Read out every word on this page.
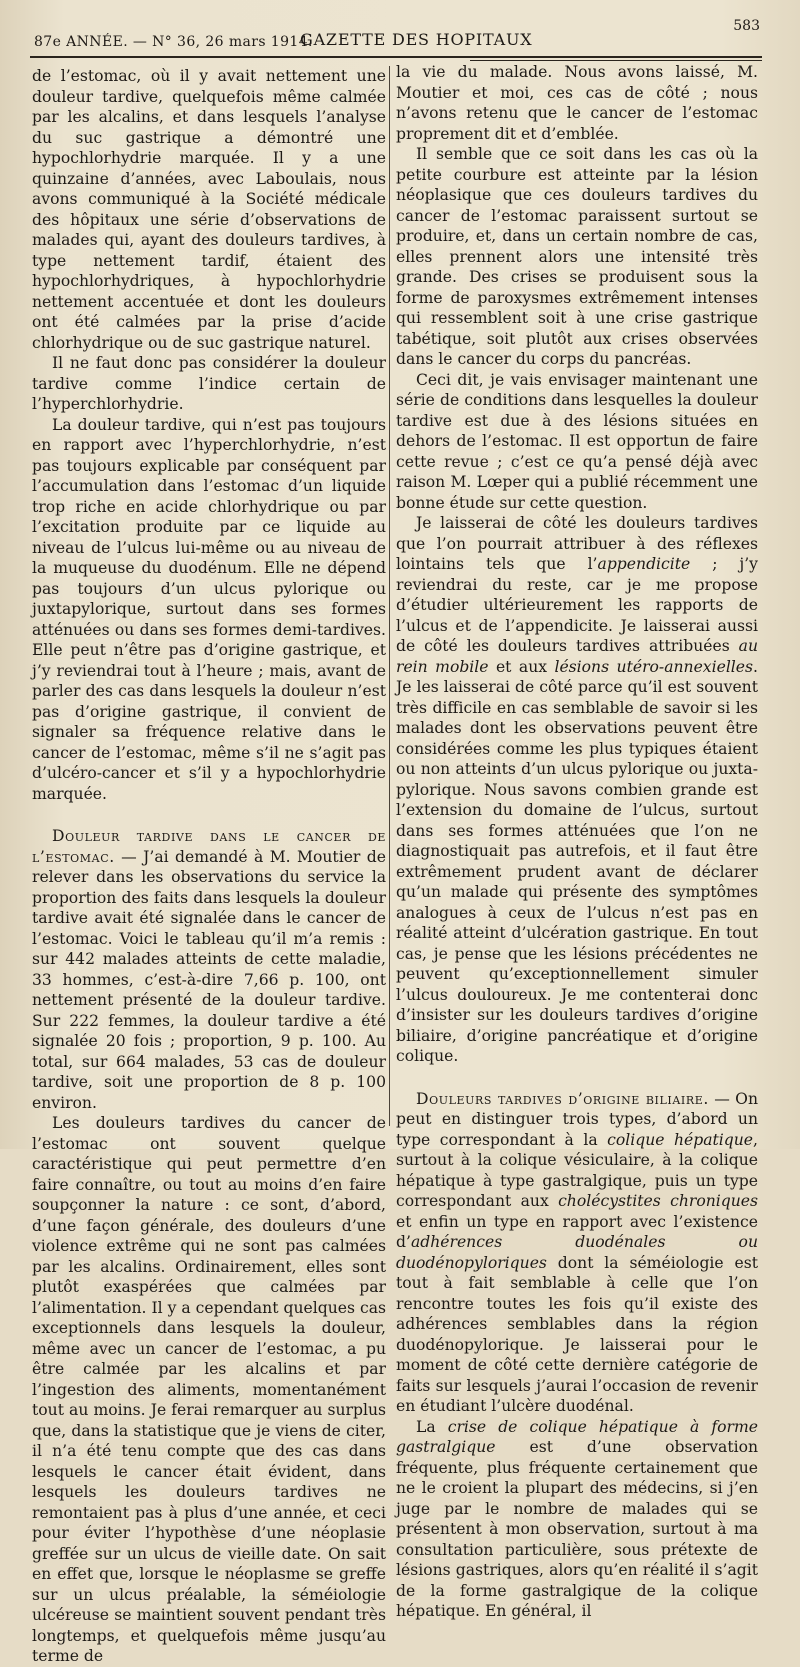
87e ANNÉE. — N° 36, 26 mars 1914.
GAZETTE DES HOPITAUX
583

de l’estomac, où il y avait nettement une douleur tardive, quelquefois même calmée par les alcalins, et dans lesquels l’analyse du suc gastrique a démontré une hypochlorhydrie marquée. Il y a une quinzaine d’années, avec Laboulais, nous avons communiqué à la Société médicale des hôpitaux une série d’observations de malades qui, ayant des douleurs tardives, à type nettement tardif, étaient des hypochlorhydriques, à hypochlorhydrie nettement accentuée et dont les douleurs ont été calmées par la prise d’acide chlorhydrique ou de suc gastrique naturel.

Il ne faut donc pas considérer la douleur tardive comme l’indice certain de l’hyperchlorhydrie.

La douleur tardive, qui n’est pas toujours en rapport avec l’hyperchlorhydrie, n’est pas toujours explicable par conséquent par l’accumulation dans l’estomac d’un liquide trop riche en acide chlorhydrique ou par l’excitation produite par ce liquide au niveau de l’ulcus lui-même ou au niveau de la muqueuse du duodénum. Elle ne dépend pas toujours d’un ulcus pylorique ou juxtapylorique, surtout dans ses formes atténuées ou dans ses formes demi-tardives. Elle peut n’être pas d’origine gastrique, et j’y reviendrai tout à l’heure ; mais, avant de parler des cas dans lesquels la douleur n’est pas d’origine gastrique, il convient de signaler sa fréquence relative dans le cancer de l’estomac, même s’il ne s’agit pas d’ulcéro-cancer et s’il y a hypochlorhydrie marquée.

Douleur tardive dans le cancer de l’estomac. — J’ai demandé à M. Moutier de relever dans les observations du service la proportion des faits dans lesquels la douleur tardive avait été signalée dans le cancer de l’estomac. Voici le tableau qu’il m’a remis : sur 442 malades atteints de cette maladie, 33 hommes, c’est-à-dire 7,66 p. 100, ont nettement présenté de la douleur tardive. Sur 222 femmes, la douleur tardive a été signalée 20 fois ; proportion, 9 p. 100. Au total, sur 664 malades, 53 cas de douleur tardive, soit une proportion de 8 p. 100 environ.

Les douleurs tardives du cancer de l’estomac ont souvent quelque caractéristique qui peut permettre d’en faire connaître, ou tout au moins d’en faire soupçonner la nature : ce sont, d’abord, d’une façon générale, des douleurs d’une violence extrême qui ne sont pas calmées par les alcalins. Ordinairement, elles sont plutôt exaspérées que calmées par l’alimentation. Il y a cependant quelques cas exceptionnels dans lesquels la douleur, même avec un cancer de l’estomac, a pu être calmée par les alcalins et par l’ingestion des aliments, momentanément tout au moins. Je ferai remarquer au surplus que, dans la statistique que je viens de citer, il n’a été tenu compte que des cas dans lesquels le cancer était évident, dans lesquels les douleurs tardives ne remontaient pas à plus d’une année, et ceci pour éviter l’hypothèse d’une néoplasie greffée sur un ulcus de vieille date. On sait en effet que, lorsque le néoplasme se greffe sur un ulcus préalable, la séméiologie ulcéreuse se maintient souvent pendant très longtemps, et quelquefois même jusqu’au terme de

la vie du malade. Nous avons laissé, M. Moutier et moi, ces cas de côté ; nous n’avons retenu que le cancer de l’estomac proprement dit et d’emblée.

Il semble que ce soit dans les cas où la petite courbure est atteinte par la lésion néoplasique que ces douleurs tardives du cancer de l’estomac paraissent surtout se produire, et, dans un certain nombre de cas, elles prennent alors une intensité très grande. Des crises se produisent sous la forme de paroxysmes extrêmement intenses qui ressemblent soit à une crise gastrique tabétique, soit plutôt aux crises observées dans le cancer du corps du pancréas.

Ceci dit, je vais envisager maintenant une série de conditions dans lesquelles la douleur tardive est due à des lésions situées en dehors de l’estomac. Il est opportun de faire cette revue ; c’est ce qu’a pensé déjà avec raison M. Lœper qui a publié récemment une bonne étude sur cette question.

Je laisserai de côté les douleurs tardives que l’on pourrait attribuer à des réflexes lointains tels que l’appendicite ; j’y reviendrai du reste, car je me propose d’étudier ultérieurement les rapports de l’ulcus et de l’appendicite. Je laisserai aussi de côté les douleurs tardives attribuées au rein mobile et aux lésions utéro-annexielles. Je les laisserai de côté parce qu’il est souvent très difficile en cas semblable de savoir si les malades dont les observations peuvent être considérées comme les plus typiques étaient ou non atteints d’un ulcus pylorique ou juxta-pylorique. Nous savons combien grande est l’extension du domaine de l’ulcus, surtout dans ses formes atténuées que l’on ne diagnostiquait pas autrefois, et il faut être extrêmement prudent avant de déclarer qu’un malade qui présente des symptômes analogues à ceux de l’ulcus n’est pas en réalité atteint d’ulcération gastrique. En tout cas, je pense que les lésions précédentes ne peuvent qu’exceptionnellement simuler l’ulcus douloureux. Je me contenterai donc d’insister sur les douleurs tardives d’origine biliaire, d’origine pancréatique et d’origine colique.

Douleurs tardives d’origine biliaire. — On peut en distinguer trois types, d’abord un type correspondant à la colique hépatique, surtout à la colique vésiculaire, à la colique hépatique à type gastralgique, puis un type correspondant aux cholécystites chroniques et enfin un type en rapport avec l’existence d’adhérences duodénales ou duodénopyloriques dont la séméiologie est tout à fait semblable à celle que l’on rencontre toutes les fois qu’il existe des adhérences semblables dans la région duodénopylorique. Je laisserai pour le moment de côté cette dernière catégorie de faits sur lesquels j’aurai l’occasion de revenir en étudiant l’ulcère duodénal.

La crise de colique hépatique à forme gastralgique est d’une observation fréquente, plus fréquente certainement que ne le croient la plupart des médecins, si j’en juge par le nombre de malades qui se présentent à mon observation, surtout à ma consultation particulière, sous prétexte de lésions gastriques, alors qu’en réalité il s’agit de la forme gastralgique de la colique hépatique. En général, il
